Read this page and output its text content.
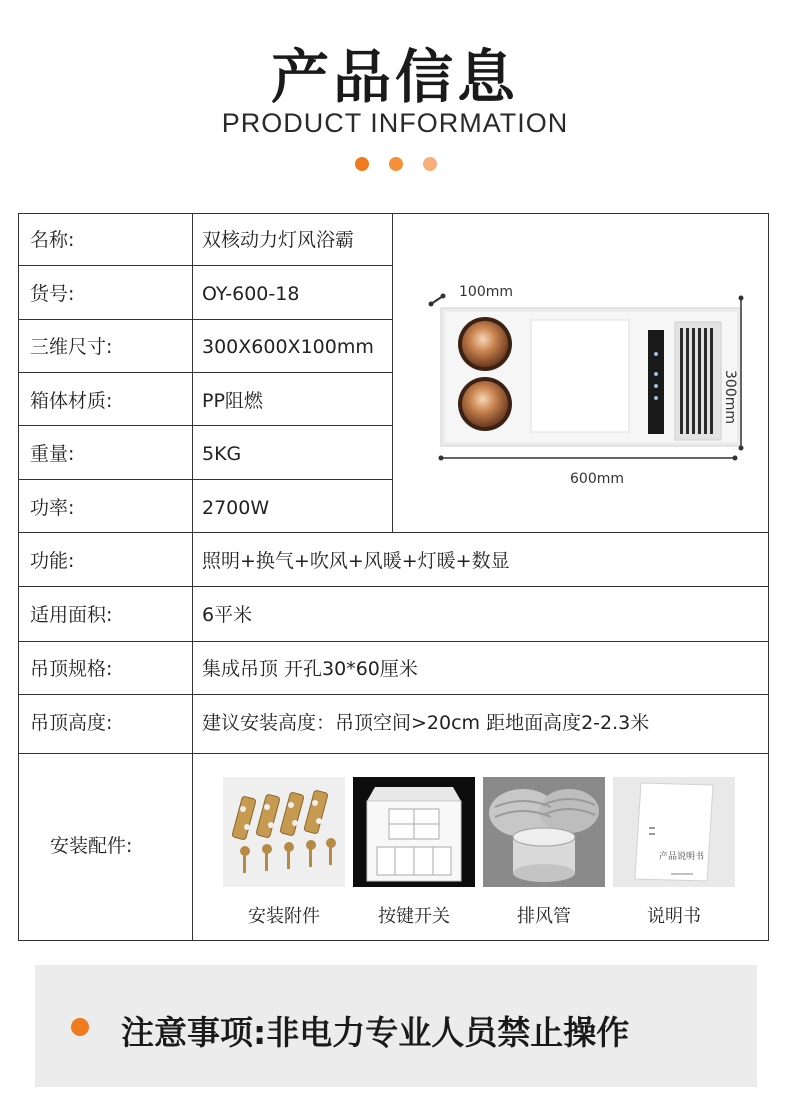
产品信息
PRODUCT INFORMATION
名称:
货号:
三维尺寸:
箱体材质:
重量:
功率:
功能:
适用面积:
吊顶规格:
吊顶高度:
安装配件:
双核动力灯风浴霸
OY-600-18
300X600X100mm
PP阻燃
5KG
2700W
照明+换气+吹风+风暖+灯暖+数显
6平米
集成吊顶 开孔30*60厘米
建议安装高度：吊顶空间>20cm 距地面高度2-2.3米
100mm
300mm
600mm
安装附件	按键开关	排风管
产品说明书
说明书
注意事项:非电力专业人员禁止操作
